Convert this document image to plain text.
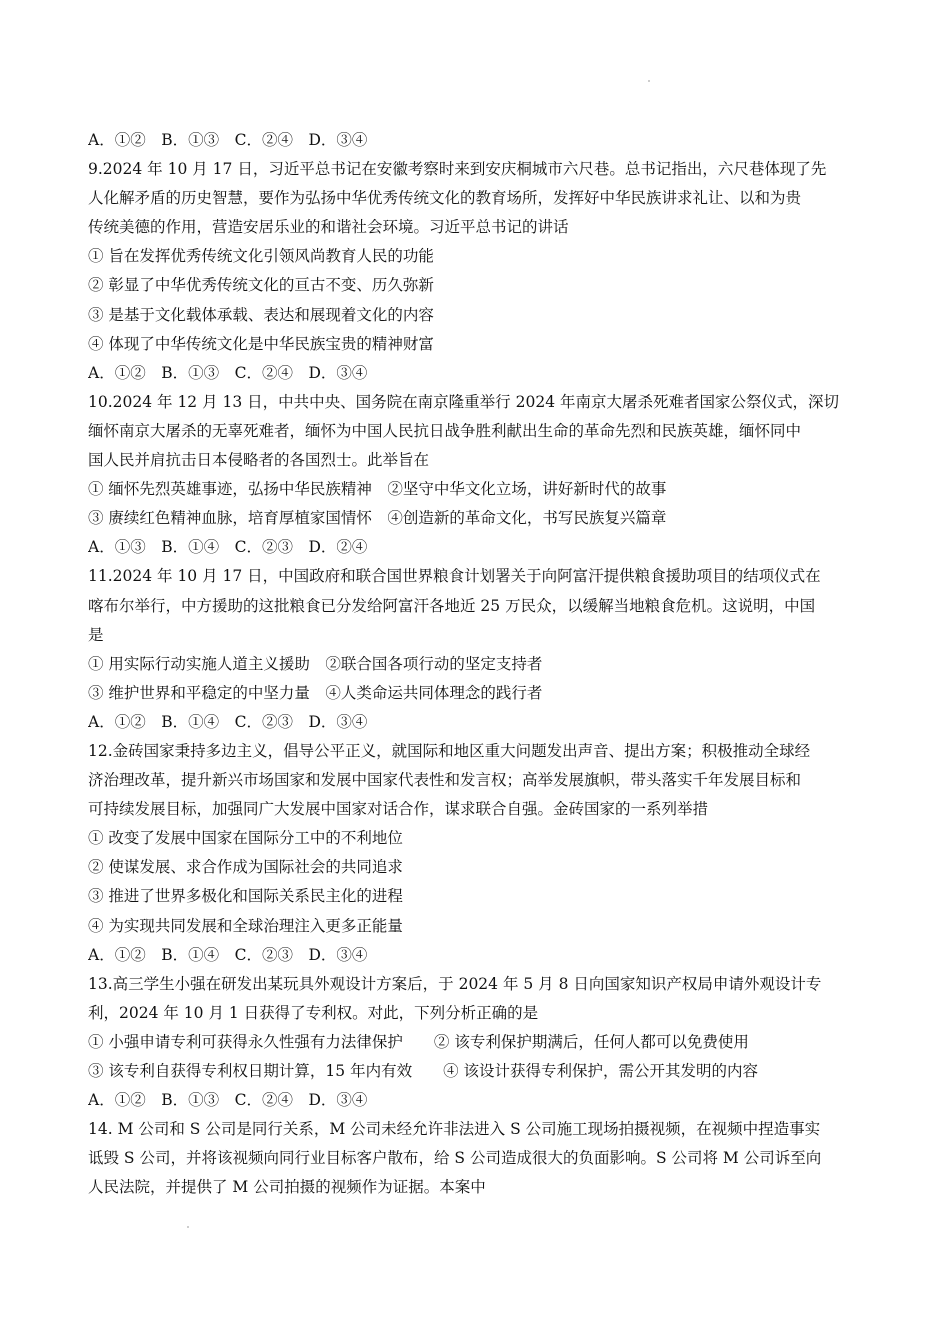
A．①②　B．①③　C．②④　D．③④
9.2024 年 10 月 17 日，习近平总书记在安徽考察时来到安庆桐城市六尺巷。总书记指出，六尺巷体现了先
人化解矛盾的历史智慧，要作为弘扬中华优秀传统文化的教育场所，发挥好中华民族讲求礼让、以和为贵
传统美德的作用，营造安居乐业的和谐社会环境。习近平总书记的讲话
① 旨在发挥优秀传统文化引领风尚教育人民的功能
② 彰显了中华优秀传统文化的亘古不变、历久弥新
③ 是基于文化载体承载、表达和展现着文化的内容
④ 体现了中华传统文化是中华民族宝贵的精神财富
A．①②　B．①③　C．②④　D．③④
10.2024 年 12 月 13 日，中共中央、国务院在南京隆重举行 2024 年南京大屠杀死难者国家公祭仪式，深切
缅怀南京大屠杀的无辜死难者，缅怀为中国人民抗日战争胜利献出生命的革命先烈和民族英雄，缅怀同中
国人民并肩抗击日本侵略者的各国烈士。此举旨在
① 缅怀先烈英雄事迹，弘扬中华民族精神　②坚守中华文化立场，讲好新时代的故事
③ 赓续红色精神血脉，培育厚植家国情怀　④创造新的革命文化，书写民族复兴篇章
A．①③　B．①④　C．②③　D．②④
11.2024 年 10 月 17 日，中国政府和联合国世界粮食计划署关于向阿富汗提供粮食援助项目的结项仪式在
喀布尔举行，中方援助的这批粮食已分发给阿富汗各地近 25 万民众，以缓解当地粮食危机。这说明，中国
是
① 用实际行动实施人道主义援助　②联合国各项行动的坚定支持者
③ 维护世界和平稳定的中坚力量　④人类命运共同体理念的践行者
A．①②　B．①④　C．②③　D．③④
12.金砖国家秉持多边主义，倡导公平正义，就国际和地区重大问题发出声音、提出方案；积极推动全球经
济治理改革，提升新兴市场国家和发展中国家代表性和发言权；高举发展旗帜，带头落实千年发展目标和
可持续发展目标，加强同广大发展中国家对话合作，谋求联合自强。金砖国家的一系列举措
① 改变了发展中国家在国际分工中的不利地位
② 使谋发展、求合作成为国际社会的共同追求
③ 推进了世界多极化和国际关系民主化的进程
④ 为实现共同发展和全球治理注入更多正能量
A．①②　B．①④　C．②③　D．③④
13.高三学生小强在研发出某玩具外观设计方案后，于 2024 年 5 月 8 日向国家知识产权局申请外观设计专
利，2024 年 10 月 1 日获得了专利权。对此，下列分析正确的是
① 小强申请专利可获得永久性强有力法律保护　　② 该专利保护期满后，任何人都可以免费使用
③ 该专利自获得专利权日期计算，15 年内有效　　④ 该设计获得专利保护，需公开其发明的内容
A．①②　B．①③　C．②④　D．③④
14. M 公司和 S 公司是同行关系，M 公司未经允许非法进入 S 公司施工现场拍摄视频，在视频中捏造事实
诋毁 S 公司，并将该视频向同行业目标客户散布，给 S 公司造成很大的负面影响。S 公司将 M 公司诉至向
人民法院，并提供了 M 公司拍摄的视频作为证据。本案中
